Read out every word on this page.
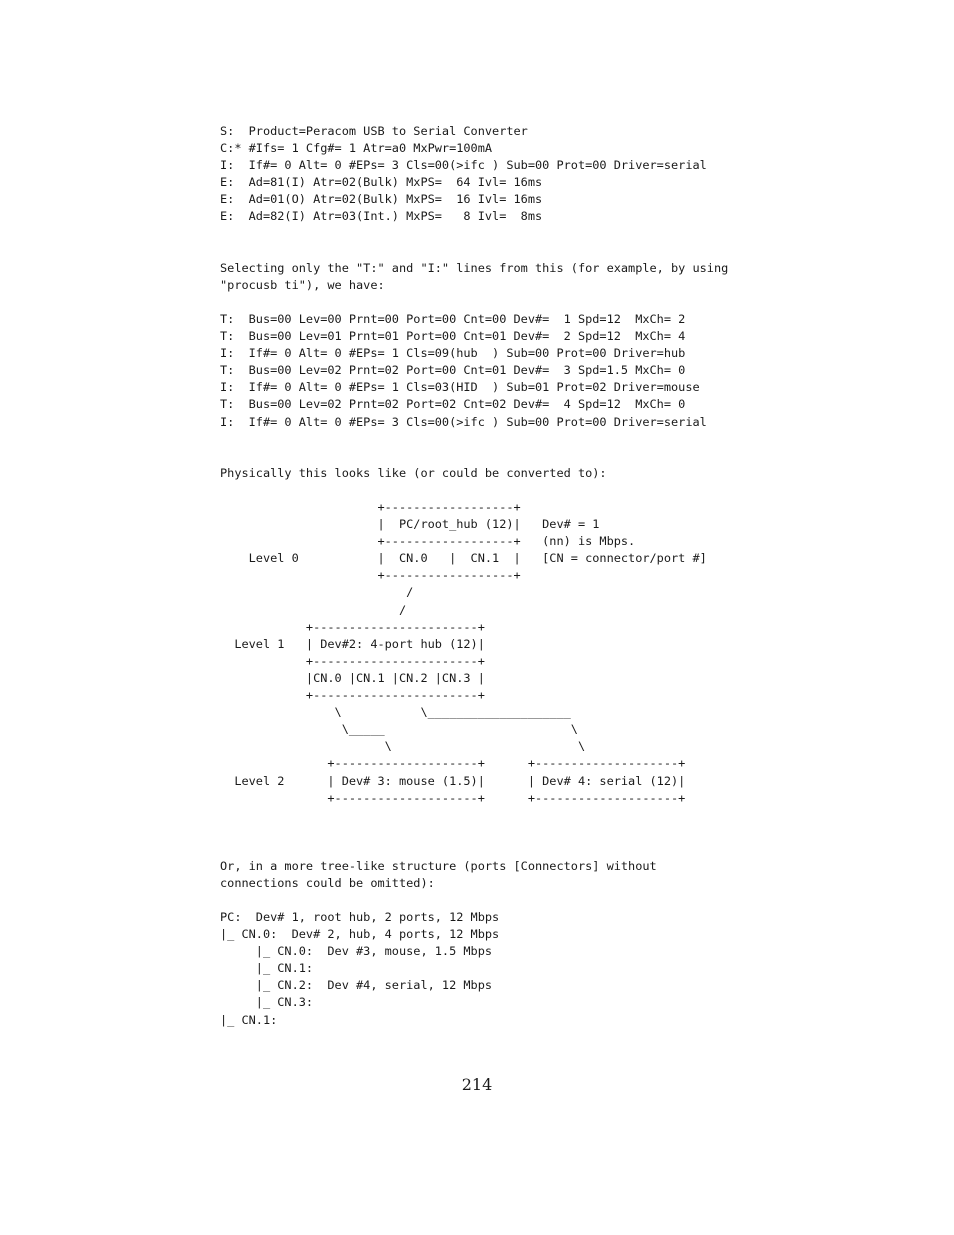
S:  Product=Peracom USB to Serial Converter
C:* #Ifs= 1 Cfg#= 1 Atr=a0 MxPwr=100mA
I:  If#= 0 Alt= 0 #EPs= 3 Cls=00(>ifc ) Sub=00 Prot=00 Driver=serial
E:  Ad=81(I) Atr=02(Bulk) MxPS=  64 Ivl= 16ms
E:  Ad=01(O) Atr=02(Bulk) MxPS=  16 Ivl= 16ms
E:  Ad=82(I) Atr=03(Int.) MxPS=   8 Ivl=  8ms
Selecting only the "T:" and "I:" lines from this (for example, by using
"procusb ti"), we have:
T:  Bus=00 Lev=00 Prnt=00 Port=00 Cnt=00 Dev#=  1 Spd=12  MxCh= 2
T:  Bus=00 Lev=01 Prnt=01 Port=00 Cnt=01 Dev#=  2 Spd=12  MxCh= 4
I:  If#= 0 Alt= 0 #EPs= 1 Cls=09(hub  ) Sub=00 Prot=00 Driver=hub
T:  Bus=00 Lev=02 Prnt=02 Port=00 Cnt=01 Dev#=  3 Spd=1.5 MxCh= 0
I:  If#= 0 Alt= 0 #EPs= 1 Cls=03(HID  ) Sub=01 Prot=02 Driver=mouse
T:  Bus=00 Lev=02 Prnt=02 Port=02 Cnt=02 Dev#=  4 Spd=12  MxCh= 0
I:  If#= 0 Alt= 0 #EPs= 3 Cls=00(>ifc ) Sub=00 Prot=00 Driver=serial
Physically this looks like (or could be converted to):
+------------------+
|  PC/root_hub (12)|   Dev# = 1
+------------------+   (nn) is Mbps.
Level 0           |  CN.0   |  CN.1  |   [CN = connector/port #]
+------------------+
/
/
+-----------------------+
Level 1   | Dev#2: 4-port hub (12)|
+-----------------------+
|CN.0 |CN.1 |CN.2 |CN.3 |
+-----------------------+
\           \____________________
\_____                          \
\                          \
+--------------------+      +--------------------+
Level 2      | Dev# 3: mouse (1.5)|      | Dev# 4: serial (12)|
+--------------------+      +--------------------+
Or, in a more tree-like structure (ports [Connectors] without
connections could be omitted):
PC:  Dev# 1, root hub, 2 ports, 12 Mbps
|_ CN.0:  Dev# 2, hub, 4 ports, 12 Mbps
|_ CN.0:  Dev #3, mouse, 1.5 Mbps
|_ CN.1:
|_ CN.2:  Dev #4, serial, 12 Mbps
|_ CN.3:
|_ CN.1:
214
